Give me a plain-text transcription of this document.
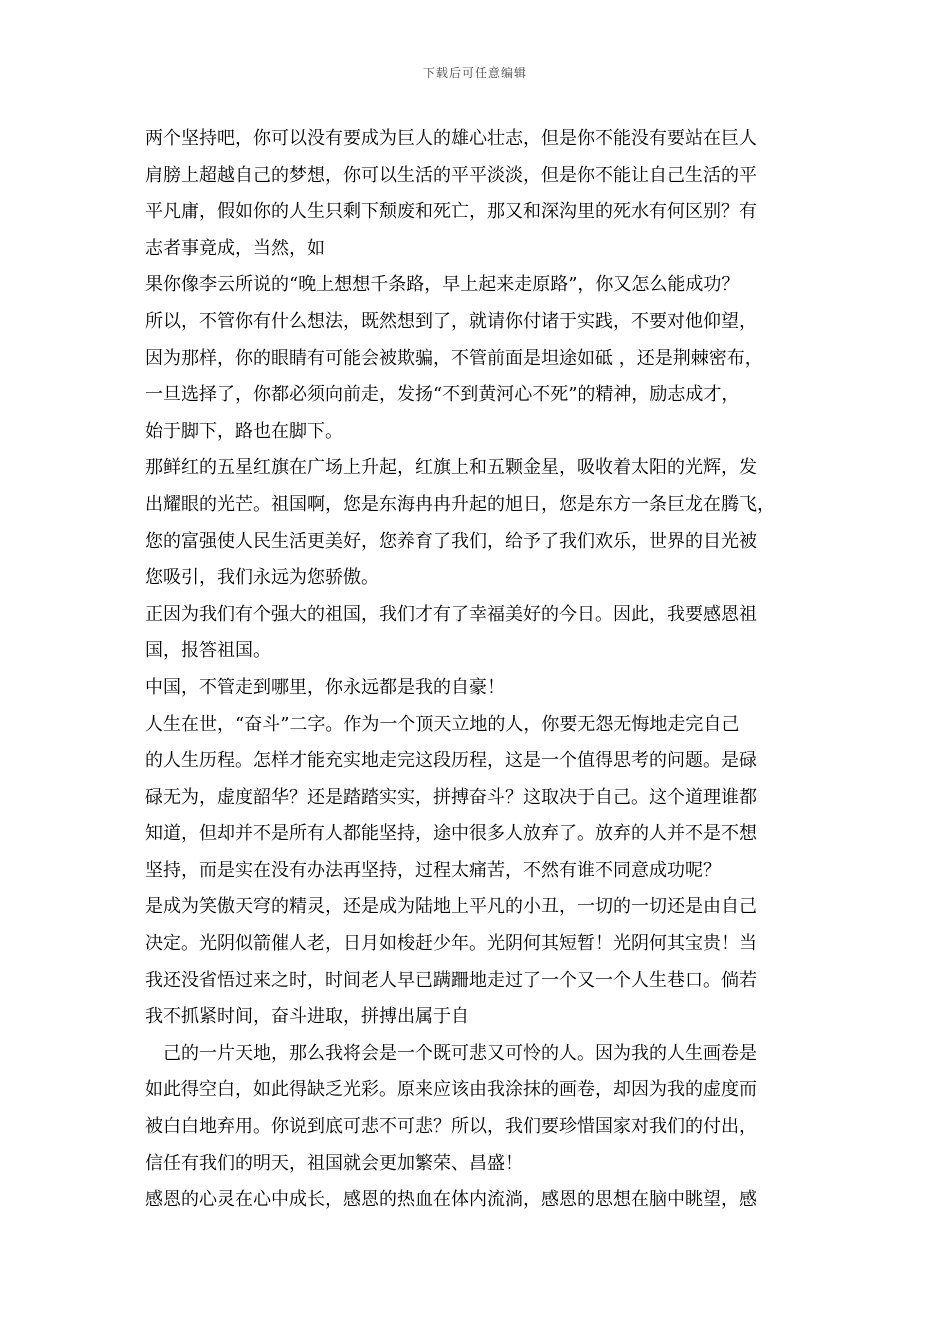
下载后可任意编辑
两个坚持吧，你可以没有要成为巨人的雄心壮志，但是你不能没有要站在巨人
肩膀上超越自己的梦想，你可以生活的平平淡淡，但是你不能让自己生活的平
平凡庸，假如你的人生只剩下颓废和死亡，那又和深沟里的死水有何区别？有
志者事竟成，当然，如
果你像李云所说的“晚上想想千条路，早上起来走原路”，你又怎么能成功？
所以，不管你有什么想法，既然想到了，就请你付诸于实践，不要对他仰望，
因为那样，你的眼睛有可能会被欺骗，不管前面是坦途如砥 ，还是荆棘密布，
一旦选择了，你都必须向前走，发扬“不到黄河心不死”的精神，励志成才，
始于脚下，路也在脚下。
那鲜红的五星红旗在广场上升起，红旗上和五颗金星，吸收着太阳的光辉，发
出耀眼的光芒。祖国啊，您是东海冉冉升起的旭日，您是东方一条巨龙在腾飞，
您的富强使人民生活更美好，您养育了我们，给予了我们欢乐，世界的目光被
您吸引，我们永远为您骄傲。
正因为我们有个强大的祖国，我们才有了幸福美好的今日。因此，我要感恩祖
国，报答祖国。
中国，不管走到哪里，你永远都是我的自豪！
人生在世，“奋斗”二字。作为一个顶天立地的人，你要无怨无悔地走完自己
的人生历程。怎样才能充实地走完这段历程，这是一个值得思考的问题。是碌
碌无为，虚度韶华？还是踏踏实实，拼搏奋斗？这取决于自己。这个道理谁都
知道，但却并不是所有人都能坚持，途中很多人放弃了。放弃的人并不是不想
坚持，而是实在没有办法再坚持，过程太痛苦，不然有谁不同意成功呢？
是成为笑傲天穹的精灵，还是成为陆地上平凡的小丑，一切的一切还是由自己
决定。光阴似箭催人老，日月如梭赶少年。光阴何其短暂！光阴何其宝贵！当
我还没省悟过来之时，时间老人早已蹒跚地走过了一个又一个人生巷口。倘若
我不抓紧时间，奋斗进取，拼搏出属于自
　己的一片天地，那么我将会是一个既可悲又可怜的人。因为我的人生画卷是
如此得空白，如此得缺乏光彩。原来应该由我涂抹的画卷，却因为我的虚度而
被白白地弃用。你说到底可悲不可悲？所以，我们要珍惜国家对我们的付出，
信任有我们的明天，祖国就会更加繁荣、昌盛！
感恩的心灵在心中成长，感恩的热血在体内流淌，感恩的思想在脑中眺望，感
